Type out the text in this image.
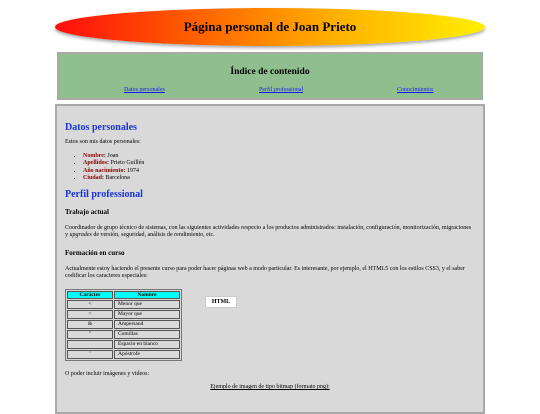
Página personal de Joan Prieto
Índice de contenido
Datos personales	Perfil professional	Conocimientos
Datos personales

Estos son mis datos personales:

• Nombre: Joan
• Apellidos: Prieto Guillén
• Año nacimiento: 1974
• Ciudad: Barcelona
Perfil professional
Trabajo actual

Coordinador de grupo técnico de sistemas, con las siguientes actividades respecto a los productos administrados: instalación, configuración, monitorización, migraciones y upgrades de versión, seguridad, análisis de rendimiento, etc.

Formación en curso

Actualmente estoy haciendo el presente curso para poder hacer páginas web a modo particular. Es interesante, por ejemplo, el HTML5 con los estilos CSS3, y el saber codificar los caracteres especiales:

Carácter	Nombre
<	Menor que
>	Mayor que
&	Ampersand
"	Comillas
	Espacio en blanco
'	Apóstrofe

O poder incluir imágenes y videos:

Ejemplo de imagen de tipo bitmap (formato png):

HTML
